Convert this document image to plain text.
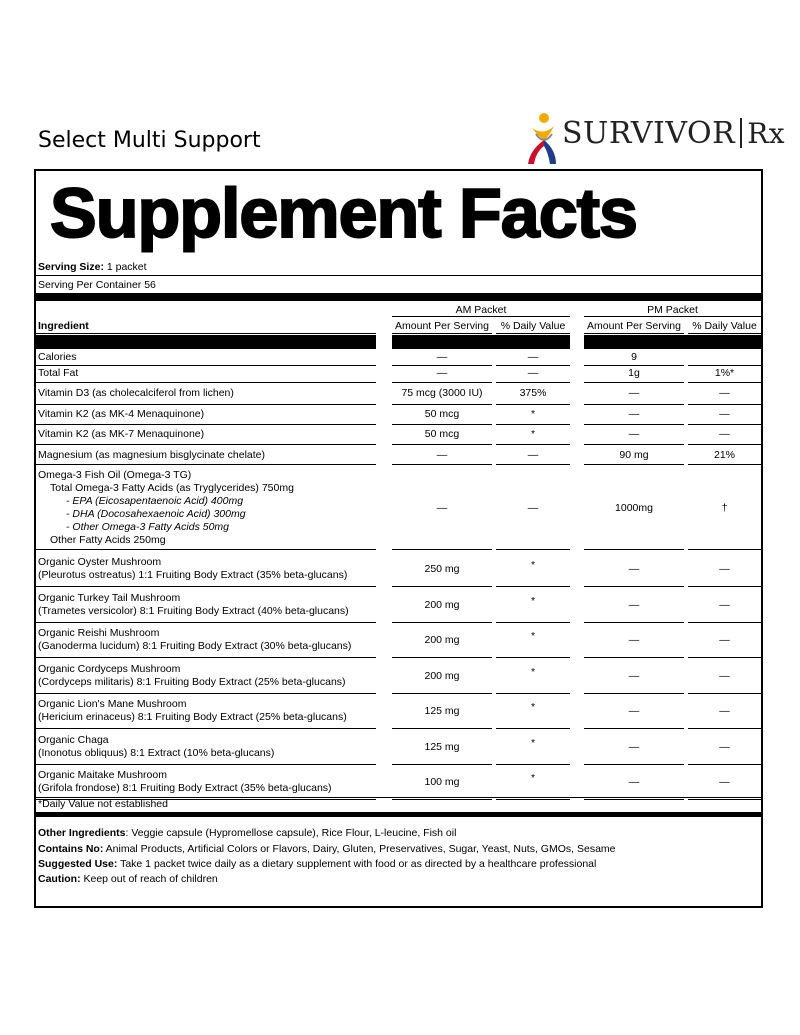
Select Multi Support	SURVIVOR Rx
Supplement Facts
Serving Size: 1 packet
Serving Per Container 56
AM Packet	PM Packet
Ingredient	Amount Per Serving	% Daily Value	Amount Per Serving	% Daily Value
Calories	—	—	9
Total Fat	—	—	1g	1%*
Vitamin D3 (as cholecalciferol from lichen)	75 mcg (3000 IU)	375%	—	—
Vitamin K2 (as MK-4 Menaquinone)	50 mcg	*	—	—
Vitamin K2 (as MK-7 Menaquinone)	50 mcg	*	—	—
Magnesium (as magnesium bisglycinate chelate)	—	—	90 mg	21%
Omega-3 Fish Oil (Omega-3 TG)
Total Omega-3 Fatty Acids (as Tryglycerides) 750mg
- EPA (Eicosapentaenoic Acid) 400mg
- DHA (Docosahexaenoic Acid) 300mg
- Other Omega-3 Fatty Acids 50mg
Other Fatty Acids 250mg
—	—	1000mg	†
Organic Oyster Mushroom
(Pleurotus ostreatus) 1:1 Fruiting Body Extract (35% beta-glucans)	250 mg	*	—	—
Organic Turkey Tail Mushroom
(Trametes versicolor) 8:1 Fruiting Body Extract (40% beta-glucans)	200 mg	*	—	—
Organic Reishi Mushroom
(Ganoderma lucidum) 8:1 Fruiting Body Extract (30% beta-glucans)	200 mg	*	—	—
Organic Cordyceps Mushroom
(Cordyceps militaris) 8:1 Fruiting Body Extract (25% beta-glucans)	200 mg	*	—	—
Organic Lion's Mane Mushroom
(Hericium erinaceus) 8:1 Fruiting Body Extract (25% beta-glucans)	125 mg	*	—	—
Organic Chaga
(Inonotus obliquus) 8:1 Extract (10% beta-glucans)	125 mg	*	—	—
Organic Maitake Mushroom
(Grifola frondose) 8:1 Fruiting Body Extract (35% beta-glucans)	100 mg	*	—	—
*Daily Value not established
Other Ingredients: Veggie capsule (Hypromellose capsule), Rice Flour, L-leucine, Fish oil
Contains No: Animal Products, Artificial Colors or Flavors, Dairy, Gluten, Preservatives, Sugar, Yeast, Nuts, GMOs, Sesame
Suggested Use: Take 1 packet twice daily as a dietary supplement with food or as directed by a healthcare professional
Caution: Keep out of reach of children
